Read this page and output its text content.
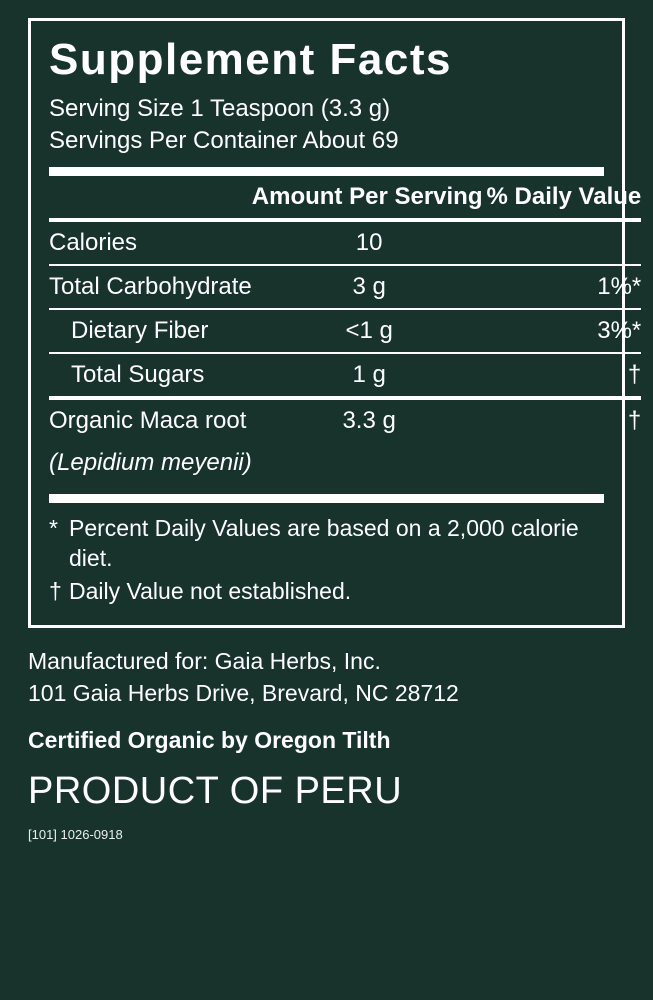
Supplement Facts
Serving Size 1 Teaspoon (3.3 g)
Servings Per Container About 69
	Amount Per Serving	% Daily Value
Calories	10	
Total Carbohydrate	3 g	1%*
Dietary Fiber	<1 g	3%*
Total Sugars	1 g	†
Organic Maca root	3.3 g	†
(Lepidium meyenii)		
* Percent Daily Values are based on a 2,000 calorie diet.
† Daily Value not established.
Manufactured for: Gaia Herbs, Inc.
101 Gaia Herbs Drive, Brevard, NC 28712
Certified Organic by Oregon Tilth
PRODUCT OF PERU
[101] 1026-0918
